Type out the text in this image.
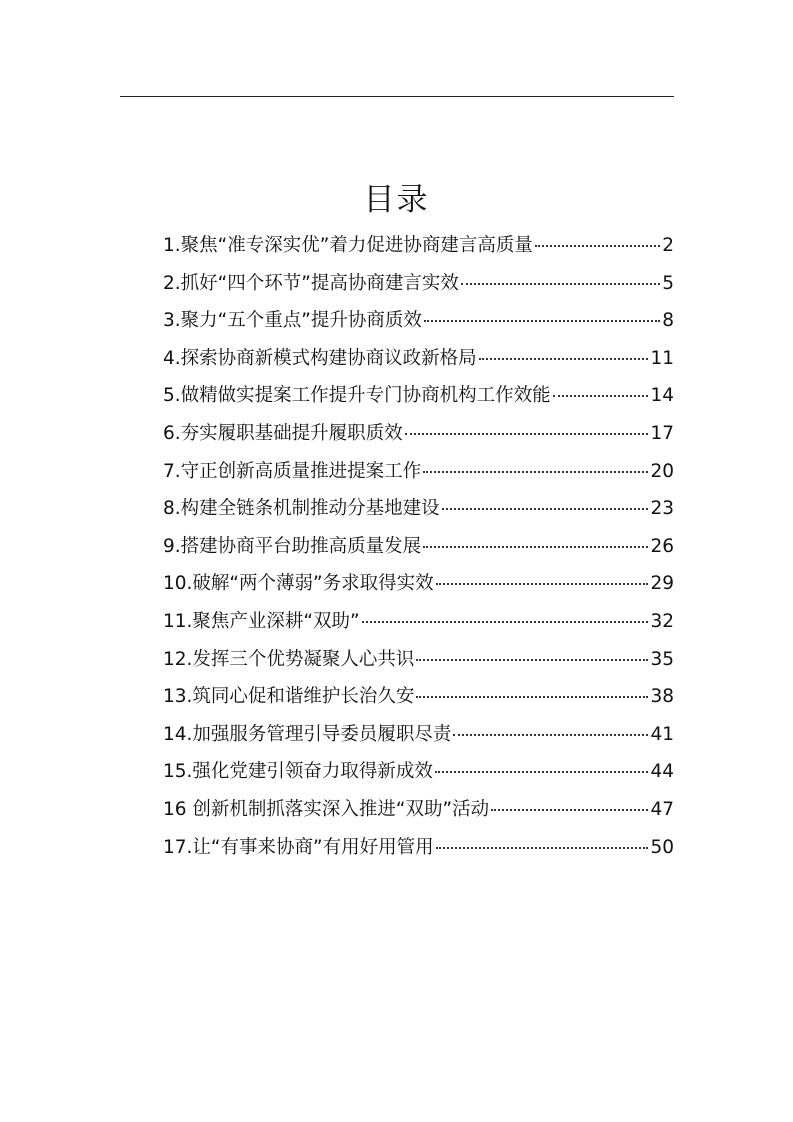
目录
1.聚焦“准专深实优”着力促进协商建言高质量	2
2.抓好“四个环节”提高协商建言实效	5
3.聚力“五个重点”提升协商质效	8
4.探索协商新模式构建协商议政新格局	11
5.做精做实提案工作提升专门协商机构工作效能	14
6.夯实履职基础提升履职质效	17
7.守正创新高质量推进提案工作	20
8.构建全链条机制推动分基地建设	23
9.搭建协商平台助推高质量发展	26
10.破解“两个薄弱”务求取得实效	29
11.聚焦产业深耕“双助”	32
12.发挥三个优势凝聚人心共识	35
13.筑同心促和谐维护长治久安	38
14.加强服务管理引导委员履职尽责	41
15.强化党建引领奋力取得新成效	44
16 创新机制抓落实深入推进“双助”活动	47
17.让“有事来协商”有用好用管用	50
